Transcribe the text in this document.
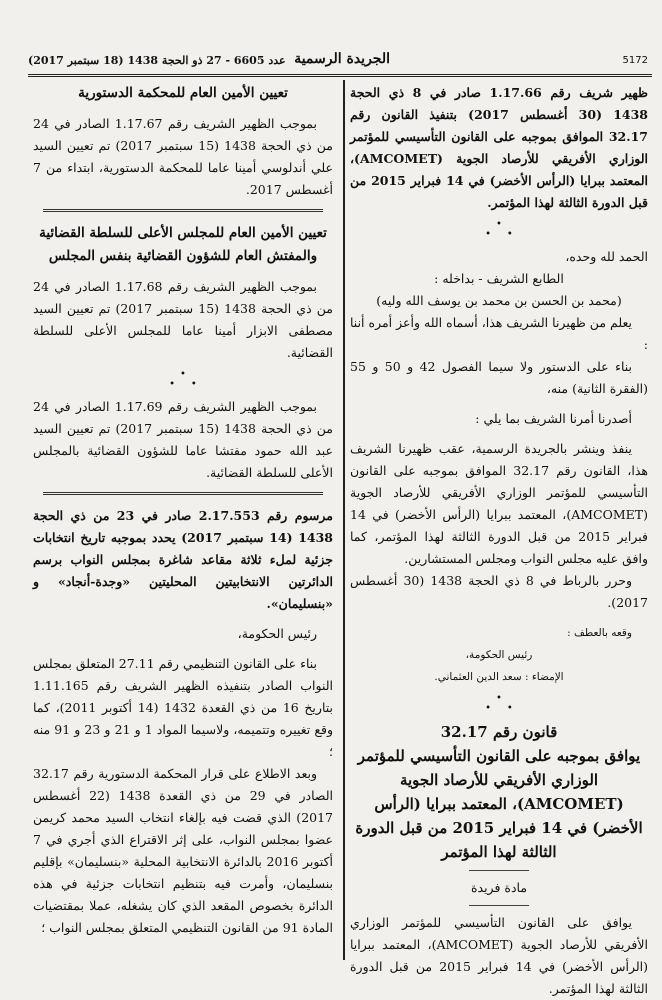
5172
الجريدة الرسمية
عدد 6605 - 27 ذو الحجة 1438 (18 سبتمبر 2017)

ظهير شريف رقم 1.17.66 صادر في 8 ذي الحجة 1438 (30 أغسطس 2017) بتنفيذ القانون رقم 32.17 الموافق بموجبه على القانون التأسيسي للمؤتمر الوزاري الأفريقي للأرصاد الجوية (AMCOMET)، المعتمد ببرايا (الرأس الأخضر) في 14 فبراير 2015 من قبل الدورة الثالثة لهذا المؤتمر.

•
•     •

الحمد لله وحده،

الطابع الشريف - بداخله :

(محمد بن الحسن بن محمد بن يوسف الله وليه)

يعلم من ظهيرنا الشريف هذا، أسماه الله وأعز أمره أننا :

بناء على الدستور ولا سيما الفصول 42 و 50 و 55 (الفقرة الثانية) منه،

أصدرنا أمرنا الشريف بما يلي :

ينفذ وينشر بالجريدة الرسمية، عقب ظهيرنا الشريف هذا، القانون رقم 32.17 الموافق بموجبه على القانون التأسيسي للمؤتمر الوزاري الأفريقي للأرصاد الجوية (AMCOMET)، المعتمد ببرايا (الرأس الأخضر) في 14 فبراير 2015 من قبل الدورة الثالثة لهذا المؤتمر، كما وافق عليه مجلس النواب ومجلس المستشارين.

وحرر بالرباط في 8 ذي الحجة 1438 (30 أغسطس 2017).

وقعه بالعطف :

رئيس الحكومة،

الإمضاء : سعد الدين العثماني.

•
•     •

قانون رقم 32.17

يوافق بموجبه على القانون التأسيسي للمؤتمر الوزاري الأفريقي للأرصاد الجوية (AMCOMET)، المعتمد ببرايا (الرأس الأخضر) في 14 فبراير 2015 من قبل الدورة الثالثة لهذا المؤتمر

مادة فريدة

يوافق على القانون التأسيسي للمؤتمر الوزاري الأفريقي للأرصاد الجوية (AMCOMET)، المعتمد ببرايا (الرأس الأخضر) في 14 فبراير 2015 من قبل الدورة الثالثة لهذا المؤتمر.

تعيين الأمين العام للمحكمة الدستورية

بموجب الظهير الشريف رقم 1.17.67 الصادر في 24 من ذي الحجة 1438 (15 سبتمبر 2017) تم تعيين السيد علي أندلوسي أمينا عاما للمحكمة الدستورية، ابتداء من 7 أغسطس 2017.

تعيين الأمين العام للمجلس الأعلى للسلطة القضائية والمفتش العام للشؤون القضائية بنفس المجلس

بموجب الظهير الشريف رقم 1.17.68 الصادر في 24 من ذي الحجة 1438 (15 سبتمبر 2017) تم تعيين السيد مصطفى الابزار أمينا عاما للمجلس الأعلى للسلطة القضائية.

•
•     •

بموجب الظهير الشريف رقم 1.17.69 الصادر في 24 من ذي الحجة 1438 (15 سبتمبر 2017) تم تعيين السيد عبد الله حمود مفتشا عاما للشؤون القضائية بالمجلس الأعلى للسلطة القضائية.

مرسوم رقم 2.17.553 صادر في 23 من ذي الحجة 1438 (14 سبتمبر 2017) يحدد بموجبه تاريخ انتخابات جزئية لملء ثلاثة مقاعد شاغرة بمجلس النواب برسم الدائرتين الانتخابيتين المحليتين «وجدة-أنجاد» و «بنسليمان».

رئيس الحكومة،

بناء على القانون التنظيمي رقم 27.11 المتعلق بمجلس النواب الصادر بتنفيذه الظهير الشريف رقم 1.11.165 بتاريخ 16 من ذي القعدة 1432 (14 أكتوبر 2011)، كما وقع تغييره وتتميمه، ولاسيما المواد 1 و 21 و 23 و 91 منه ؛

وبعد الاطلاع على قرار المحكمة الدستورية رقم 32.17 الصادر في 29 من ذي القعدة 1438 (22 أغسطس 2017) الذي قضت فيه بإلغاء انتخاب السيد محمد كريمن عضوا بمجلس النواب، على إثر الاقتراع الذي أجري في 7 أكتوبر 2016 بالدائرة الانتخابية المحلية «بنسليمان» بإقليم بنسليمان، وأمرت فيه بتنظيم انتخابات جزئية في هذه الدائرة بخصوص المقعد الذي كان يشغله، عملا بمقتضيات المادة 91 من القانون التنظيمي المتعلق بمجلس النواب ؛
